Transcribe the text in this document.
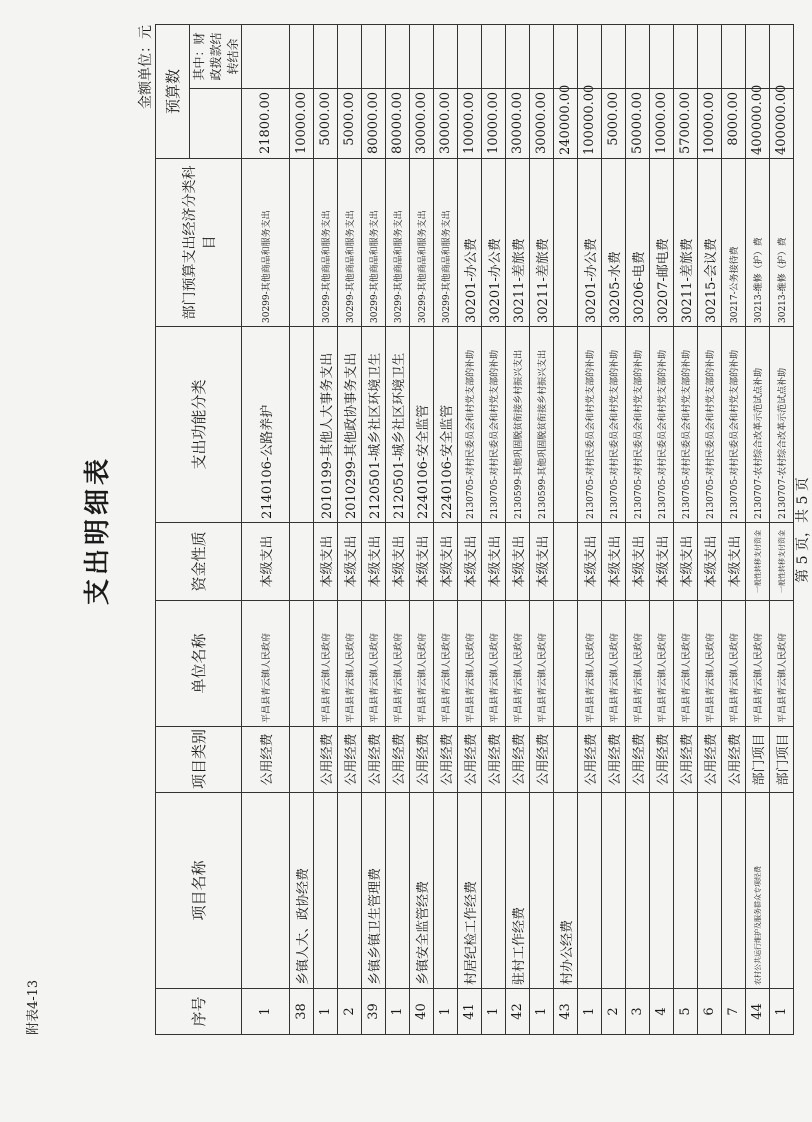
金额单位：元
序号	项目名称	项目类别	单位名称	资金性质	支出功能分类	部门预算支出经济分类科目	预算数	
								其中：财政拨款结转结余
1		公用经费	平昌县青云镇人民政府	本级支出	2140106-公路养护	30299-其他商品和服务支出	21800.00	
38	乡镇人大、政协经费						10000.00	
1		公用经费	平昌县青云镇人民政府	本级支出	2010199-其他人大事务支出	30299-其他商品和服务支出	5000.00	
2		公用经费	平昌县青云镇人民政府	本级支出	2010299-其他政协事务支出	30299-其他商品和服务支出	5000.00	
39	乡镇乡镇卫生管理费	公用经费	平昌县青云镇人民政府	本级支出	2120501-城乡社区环境卫生	30299-其他商品和服务支出	80000.00	
1		公用经费	平昌县青云镇人民政府	本级支出	2120501-城乡社区环境卫生	30299-其他商品和服务支出	80000.00	
40	乡镇安全监管经费	公用经费	平昌县青云镇人民政府	本级支出	2240106-安全监管	30299-其他商品和服务支出	30000.00	
1		公用经费	平昌县青云镇人民政府	本级支出	2240106-安全监管	30299-其他商品和服务支出	30000.00	
41	村居纪检工作经费	公用经费	平昌县青云镇人民政府	本级支出	2130705-对村民委员会和村党支部的补助	30201-办公费	10000.00	
1		公用经费	平昌县青云镇人民政府	本级支出	2130705-对村民委员会和村党支部的补助	30201-办公费	10000.00	
42	驻村工作经费	公用经费	平昌县青云镇人民政府	本级支出	2130599-其他巩固脱贫衔接乡村振兴支出	30211-差旅费	30000.00	
1		公用经费	平昌县青云镇人民政府	本级支出	2130599-其他巩固脱贫衔接乡村振兴支出	30211-差旅费	30000.00	
43	村办公经费						240000.00	
1		公用经费	平昌县青云镇人民政府	本级支出	2130705-对村民委员会和村党支部的补助	30201-办公费	100000.00	
2		公用经费	平昌县青云镇人民政府	本级支出	2130705-对村民委员会和村党支部的补助	30205-水费	5000.00	
3		公用经费	平昌县青云镇人民政府	本级支出	2130705-对村民委员会和村党支部的补助	30206-电费	50000.00	
4		公用经费	平昌县青云镇人民政府	本级支出	2130705-对村民委员会和村党支部的补助	30207-邮电费	10000.00	
5		公用经费	平昌县青云镇人民政府	本级支出	2130705-对村民委员会和村党支部的补助	30211-差旅费	57000.00	
6		公用经费	平昌县青云镇人民政府	本级支出	2130705-对村民委员会和村党支部的补助	30215-会议费	10000.00	
7		公用经费	平昌县青云镇人民政府	本级支出	2130705-对村民委员会和村党支部的补助	30217-公务接待费	8000.00	
44	农村公共运行维护及服务群众专项经费	部门项目	平昌县青云镇人民政府	一般性转移支付资金	2130707-农村综合改革示范试点补助	30213-维修（护）费	400000.00	
1		部门项目	平昌县青云镇人民政府	一般性转移支付资金	2130707-农村综合改革示范试点补助	30213-维修（护）费	400000.00	
支出明细表	第 5 页，共 5 页
附表4-13
